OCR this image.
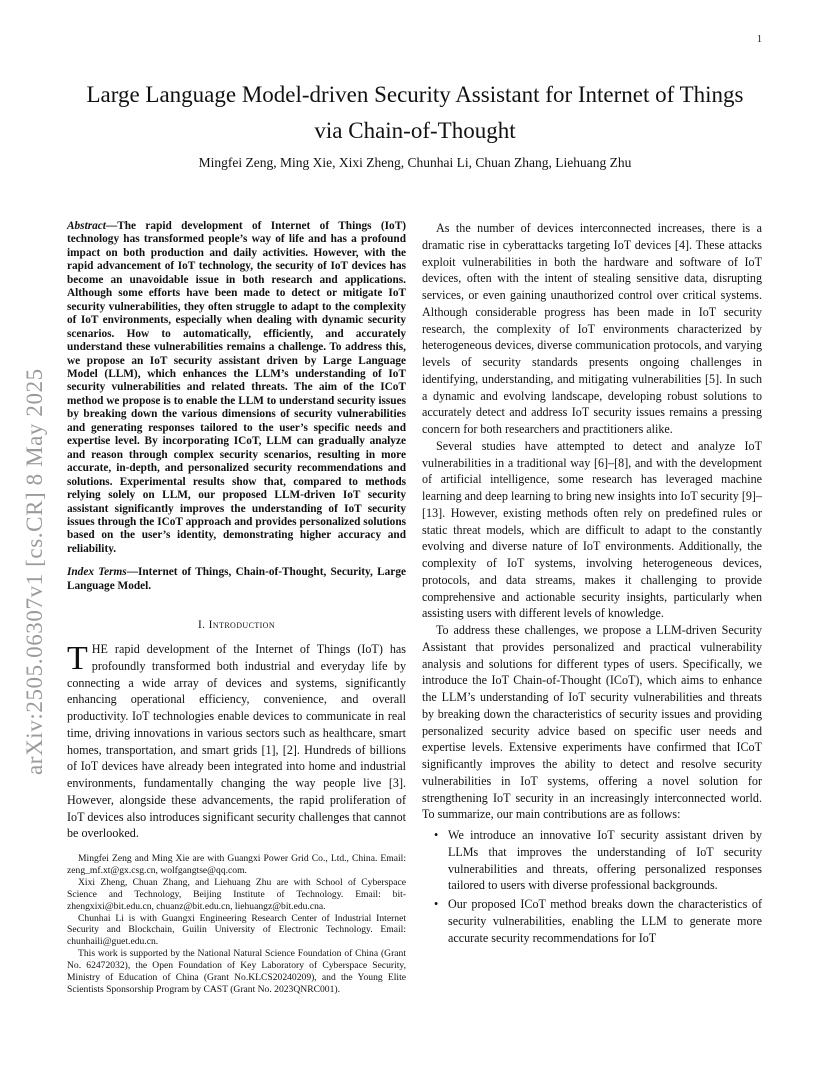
1
arXiv:2505.06307v1 [cs.CR] 8 May 2025
Large Language Model-driven Security Assistant for Internet of Things via Chain-of-Thought
Mingfei Zeng, Ming Xie, Xixi Zheng, Chunhai Li, Chuan Zhang, Liehuang Zhu

Abstract—The rapid development of Internet of Things (IoT) technology has transformed people’s way of life and has a profound impact on both production and daily activities. However, with the rapid advancement of IoT technology, the security of IoT devices has become an unavoidable issue in both research and applications. Although some efforts have been made to detect or mitigate IoT security vulnerabilities, they often struggle to adapt to the complexity of IoT environments, especially when dealing with dynamic security scenarios. How to automatically, efficiently, and accurately understand these vulnerabilities remains a challenge. To address this, we propose an IoT security assistant driven by Large Language Model (LLM), which enhances the LLM’s understanding of IoT security vulnerabilities and related threats. The aim of the ICoT method we propose is to enable the LLM to understand security issues by breaking down the various dimensions of security vulnerabilities and generating responses tailored to the user’s specific needs and expertise level. By incorporating ICoT, LLM can gradually analyze and reason through complex security scenarios, resulting in more accurate, in-depth, and personalized security recommendations and solutions. Experimental results show that, compared to methods relying solely on LLM, our proposed LLM-driven IoT security assistant significantly improves the understanding of IoT security issues through the ICoT approach and provides personalized solutions based on the user’s identity, demonstrating higher accuracy and reliability.

Index Terms—Internet of Things, Chain-of-Thought, Security, Large Language Model.

I. Introduction

THE rapid development of the Internet of Things (IoT) has profoundly transformed both industrial and everyday life by connecting a wide array of devices and systems, significantly enhancing operational efficiency, convenience, and overall productivity. IoT technologies enable devices to communicate in real time, driving innovations in various sectors such as healthcare, smart homes, transportation, and smart grids [1], [2]. Hundreds of billions of IoT devices have already been integrated into home and industrial environments, fundamentally changing the way people live [3]. However, alongside these advancements, the rapid proliferation of IoT devices also introduces significant security challenges that cannot be overlooked.

As the number of devices interconnected increases, there is a dramatic rise in cyberattacks targeting IoT devices [4]. These attacks exploit vulnerabilities in both the hardware and software of IoT devices, often with the intent of stealing sensitive data, disrupting services, or even gaining unauthorized control over critical systems. Although considerable progress has been made in IoT security research, the complexity of IoT environments characterized by heterogeneous devices, diverse communication protocols, and varying levels of security standards presents ongoing challenges in identifying, understanding, and mitigating vulnerabilities [5]. In such a dynamic and evolving landscape, developing robust solutions to accurately detect and address IoT security issues remains a pressing concern for both researchers and practitioners alike.

Several studies have attempted to detect and analyze IoT vulnerabilities in a traditional way [6]–[8], and with the development of artificial intelligence, some research has leveraged machine learning and deep learning to bring new insights into IoT security [9]–[13]. However, existing methods often rely on predefined rules or static threat models, which are difficult to adapt to the constantly evolving and diverse nature of IoT environments. Additionally, the complexity of IoT systems, involving heterogeneous devices, protocols, and data streams, makes it challenging to provide comprehensive and actionable security insights, particularly when assisting users with different levels of knowledge.

To address these challenges, we propose a LLM-driven Security Assistant that provides personalized and practical vulnerability analysis and solutions for different types of users. Specifically, we introduce the IoT Chain-of-Thought (ICoT), which aims to enhance the LLM’s understanding of IoT security vulnerabilities and threats by breaking down the characteristics of security issues and providing personalized security advice based on specific user needs and expertise levels. Extensive experiments have confirmed that ICoT significantly improves the ability to detect and resolve security vulnerabilities in IoT systems, offering a novel solution for strengthening IoT security in an increasingly interconnected world. To summarize, our main contributions are as follows:

• We introduce an innovative IoT security assistant driven by LLMs that improves the understanding of IoT security vulnerabilities and threats, offering personalized responses tailored to users with diverse professional backgrounds.
• Our proposed ICoT method breaks down the characteristics of security vulnerabilities, enabling the LLM to generate more accurate security recommendations for IoT

Mingfei Zeng and Ming Xie are with Guangxi Power Grid Co., Ltd., China. Email: zeng_mf.xt@gx.csg.cn, wolfgangtse@qq.com.

Xixi Zheng, Chuan Zhang, and Liehuang Zhu are with School of Cyberspace Science and Technology, Beijing Institute of Technology. Email: bit-zhengxixi@bit.edu.cn, chuanz@bit.edu.cn, liehuangz@bit.edu.cna.

Chunhai Li is with Guangxi Engineering Research Center of Industrial Internet Security and Blockchain, Guilin University of Electronic Technology. Email: chunhaili@guet.edu.cn.

This work is supported by the National Natural Science Foundation of China (Grant No. 62472032), the Open Foundation of Key Laboratory of Cyberspace Security, Ministry of Education of China (Grant No.KLCS20240209), and the Young Elite Scientists Sponsorship Program by CAST (Grant No. 2023QNRC001).
